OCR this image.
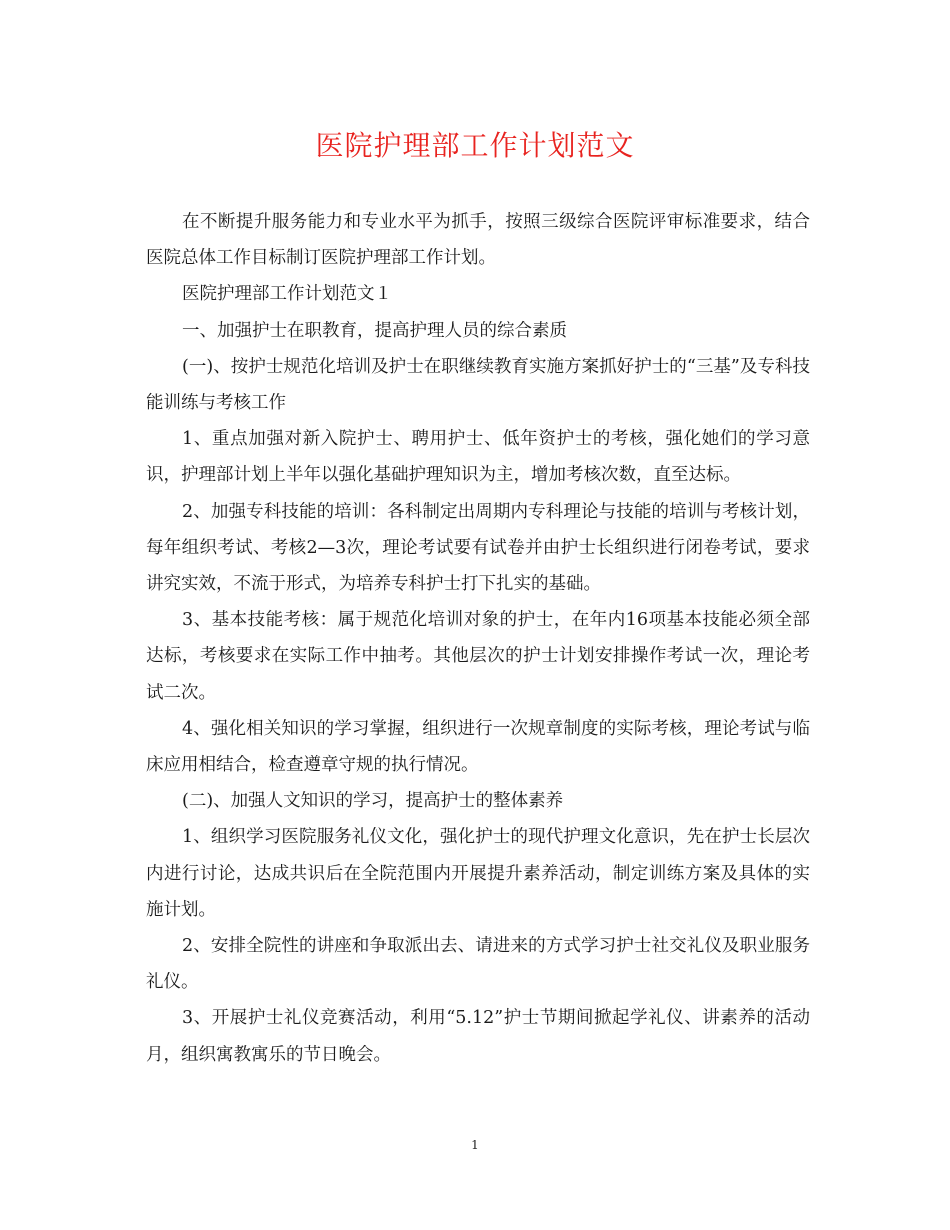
医院护理部工作计划范文

在不断提升服务能力和专业水平为抓手，按照三级综合医院评审标准要求，结合医院总体工作目标制订医院护理部工作计划。

医院护理部工作计划范文１

一、加强护士在职教育，提高护理人员的综合素质

(一)、按护士规范化培训及护士在职继续教育实施方案抓好护士的“三基”及专科技能训练与考核工作

1、重点加强对新入院护士、聘用护士、低年资护士的考核，强化她们的学习意识，护理部计划上半年以强化基础护理知识为主，增加考核次数，直至达标。

2、加强专科技能的培训：各科制定出周期内专科理论与技能的培训与考核计划，每年组织考试、考核2—3次，理论考试要有试卷并由护士长组织进行闭卷考试，要求讲究实效，不流于形式，为培养专科护士打下扎实的基础。

3、基本技能考核：属于规范化培训对象的护士，在年内16项基本技能必须全部达标，考核要求在实际工作中抽考。其他层次的护士计划安排操作考试一次，理论考试二次。

4、强化相关知识的学习掌握，组织进行一次规章制度的实际考核，理论考试与临床应用相结合，检查遵章守规的执行情况。

(二)、加强人文知识的学习，提高护士的整体素养

1、组织学习医院服务礼仪文化，强化护士的现代护理文化意识，先在护士长层次内进行讨论，达成共识后在全院范围内开展提升素养活动，制定训练方案及具体的实施计划。

2、安排全院性的讲座和争取派出去、请进来的方式学习护士社交礼仪及职业服务礼仪。

3、开展护士礼仪竞赛活动，利用“5.12”护士节期间掀起学礼仪、讲素养的活动月，组织寓教寓乐的节日晚会。

1
